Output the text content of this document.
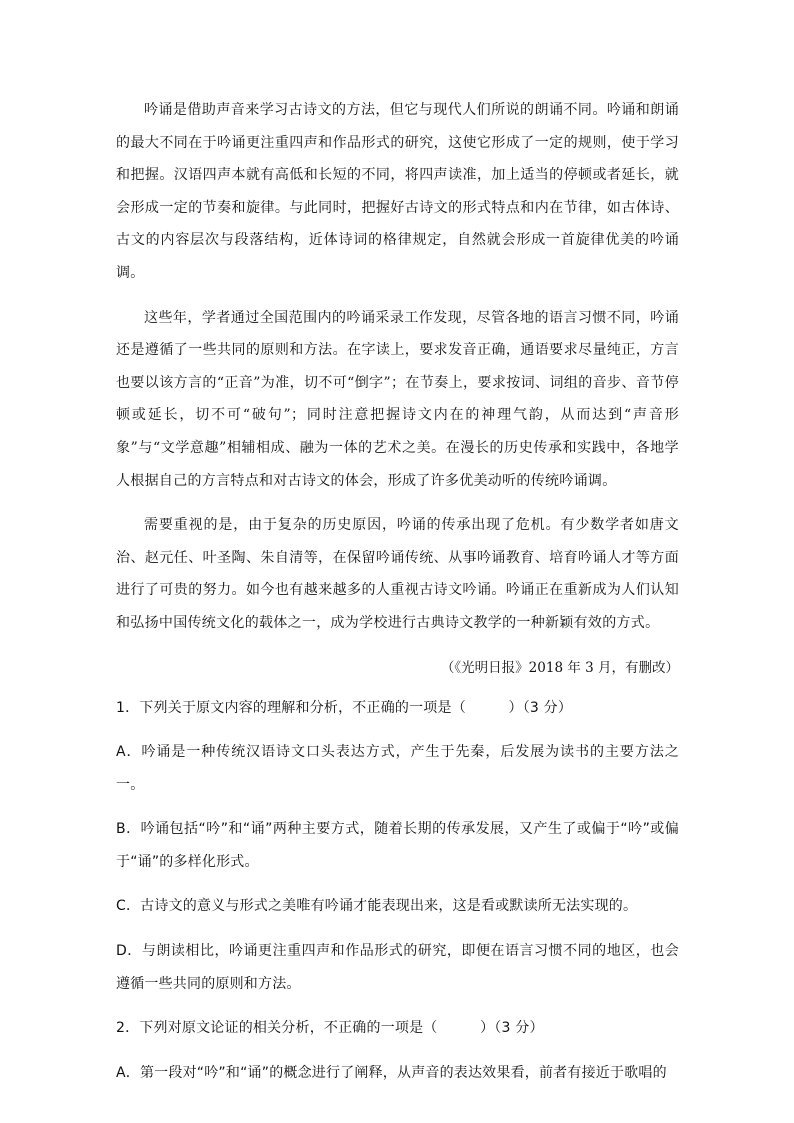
吟诵是借助声音来学习古诗文的方法，但它与现代人们所说的朗诵不同。吟诵和朗诵的最大不同在于吟诵更注重四声和作品形式的研究，这使它形成了一定的规则，使于学习和把握。汉语四声本就有高低和长短的不同，将四声读准，加上适当的停顿或者延长，就会形成一定的节奏和旋律。与此同时，把握好古诗文的形式特点和内在节律，如古体诗、古文的内容层次与段落结构，近体诗词的格律规定，自然就会形成一首旋律优美的吟诵调。

这些年，学者通过全国范围内的吟诵采录工作发现，尽管各地的语言习惯不同，吟诵还是遵循了一些共同的原则和方法。在字读上，要求发音正确，通语要求尽量纯正，方言也要以该方言的“正音”为准，切不可“倒字”；在节奏上，要求按词、词组的音步、音节停顿或延长，切不可“破句”；同时注意把握诗文内在的神理气韵，从而达到“声音形象”与“文学意趣”相辅相成、融为一体的艺术之美。在漫长的历史传承和实践中，各地学人根据自己的方言特点和对古诗文的体会，形成了许多优美动听的传统吟诵调。

需要重视的是，由于复杂的历史原因，吟诵的传承出现了危机。有少数学者如唐文治、赵元任、叶圣陶、朱自清等，在保留吟诵传统、从事吟诵教育、培育吟诵人才等方面进行了可贵的努力。如今也有越来越多的人重视古诗文吟诵。吟诵正在重新成为人们认知和弘扬中国传统文化的载体之一，成为学校进行古典诗文教学的一种新颖有效的方式。

（《光明日报》2018 年 3 月，有删改）

1．下列关于原文内容的理解和分析，不正确的一项是（　　　）（3 分）

A．吟诵是一种传统汉语诗文口头表达方式，产生于先秦，后发展为读书的主要方法之一。

B．吟诵包括“吟”和“诵”两种主要方式，随着长期的传承发展，又产生了或偏于“吟”或偏于“诵”的多样化形式。

C．古诗文的意义与形式之美唯有吟诵才能表现出来，这是看或默读所无法实现的。

D．与朗读相比，吟诵更注重四声和作品形式的研究，即便在语言习惯不同的地区，也会遵循一些共同的原则和方法。

2．下列对原文论证的相关分析，不正确的一项是（　　　）（3 分）

A．第一段对“吟”和“诵”的概念进行了阐释，从声音的表达效果看，前者有接近于歌唱的
